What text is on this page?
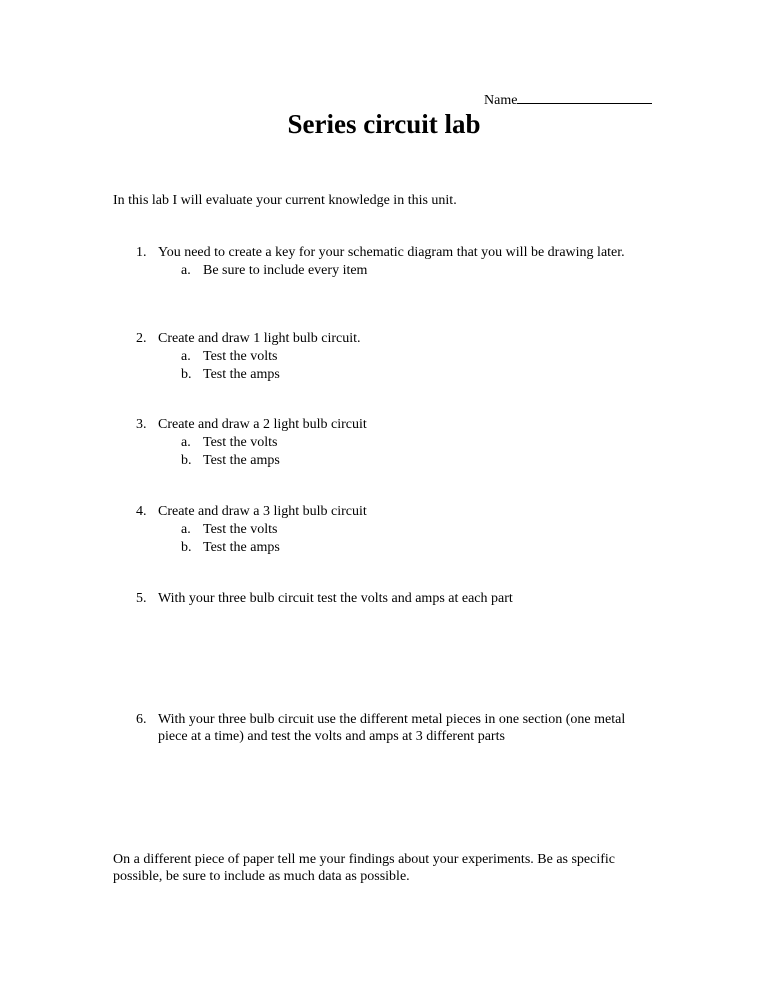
Name
Series circuit lab
In this lab I will evaluate your current knowledge in this unit.
1. You need to create a key for your schematic diagram that you will be drawing later.
a. Be sure to include every item
2. Create and draw 1 light bulb circuit.
a. Test the volts
b. Test the amps
3. Create and draw a 2 light bulb circuit
a. Test the volts
b. Test the amps
4. Create and draw a 3 light bulb circuit
a. Test the volts
b. Test the amps
5. With your three bulb circuit test the volts and amps at each part
6. With your three bulb circuit use the different metal pieces in one section (one metal piece at a time) and test the volts and amps at 3 different parts
On a different piece of paper tell me your findings about your experiments. Be as specific possible, be sure to include as much data as possible.
